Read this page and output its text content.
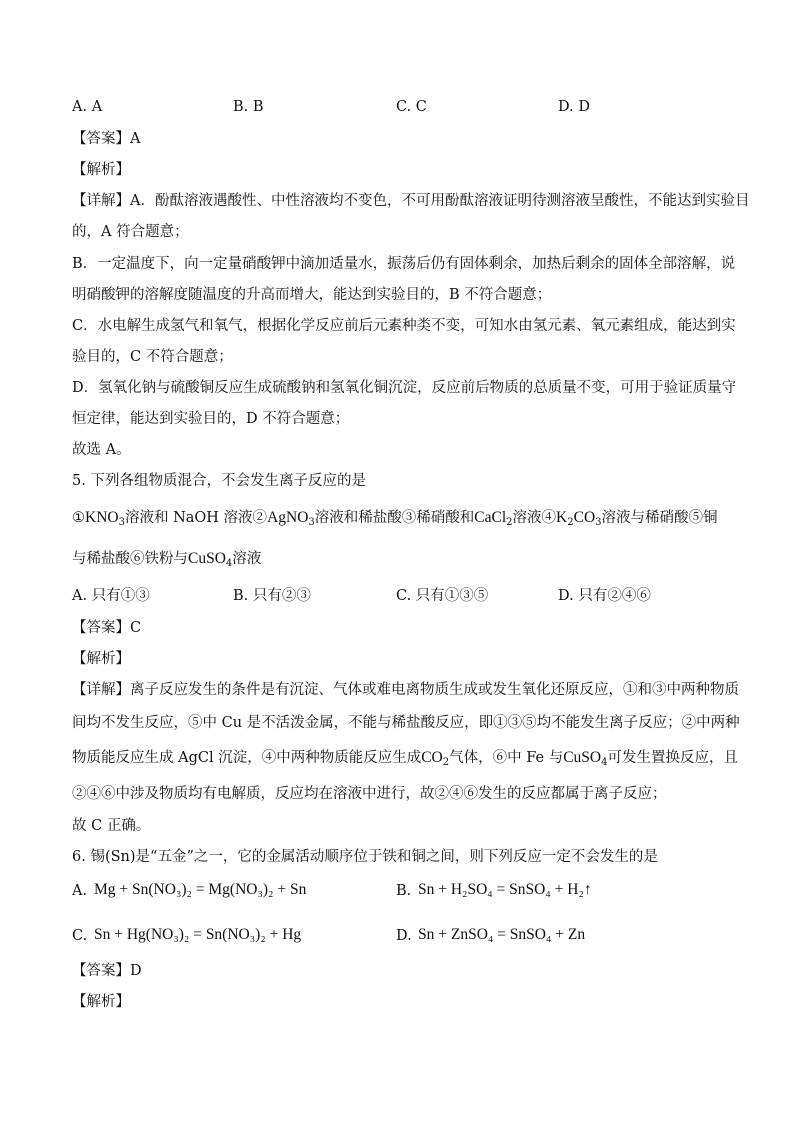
A. A	B. B	C. C	D. D
【答案】A
【解析】
【详解】A．酚酞溶液遇酸性、中性溶液均不变色，不可用酚酞溶液证明待测溶液呈酸性，不能达到实验目
的，A 符合题意；
B．一定温度下，向一定量硝酸钾中滴加适量水，振荡后仍有固体剩余，加热后剩余的固体全部溶解，说
明硝酸钾的溶解度随温度的升高而增大，能达到实验目的，B 不符合题意；
C．水电解生成氢气和氧气，根据化学反应前后元素种类不变，可知水由氢元素、氧元素组成，能达到实
验目的，C 不符合题意；
D．氢氧化钠与硫酸铜反应生成硫酸钠和氢氧化铜沉淀，反应前后物质的总质量不变，可用于验证质量守
恒定律，能达到实验目的，D 不符合题意；
故选 A。
5. 下列各组物质混合，不会发生离子反应的是
$①KNO_3$溶液和 NaOH 溶液②AgNO$_3$溶液和稀盐酸③稀硝酸和CaCl$_2$溶液$④K_2CO_3$溶液与稀硝酸⑤铜
与稀盐酸⑥铁粉与CuSO$_4$溶液
A. 只有①③	B. 只有②③	C. 只有①③⑤	D. 只有②④⑥
【答案】C
【解析】
【详解】离子反应发生的条件是有沉淀、气体或难电离物质生成或发生氧化还原反应，①和③中两种物质
间均不发生反应，⑤中 Cu 是不活泼金属，不能与稀盐酸反应，即①③⑤均不能发生离子反应；②中两种
物质能反应生成 AgCl 沉淀，④中两种物质能反应生成$CO_2$气体，⑥中 Fe 与CuSO$_4$可发生置换反应，且
②④⑥中涉及物质均有电解质，反应均在溶液中进行，故②④⑥发生的反应都属于离子反应；
故 C 正确。
6. 锡(Sn)是“五金”之一，它的金属活动顺序位于铁和铜之间，则下列反应一定不会发生的是
A. Mg + Sn(NO₃)₂ = Mg(NO₃)₂ + Sn	B. Sn + H₂SO₄ = SnSO₄ + H₂↑
C. Sn + Hg(NO₃)₂ = Sn(NO₃)₂ + Hg	D. Sn + ZnSO₄ = SnSO₄ + Zn
【答案】D
【解析】
